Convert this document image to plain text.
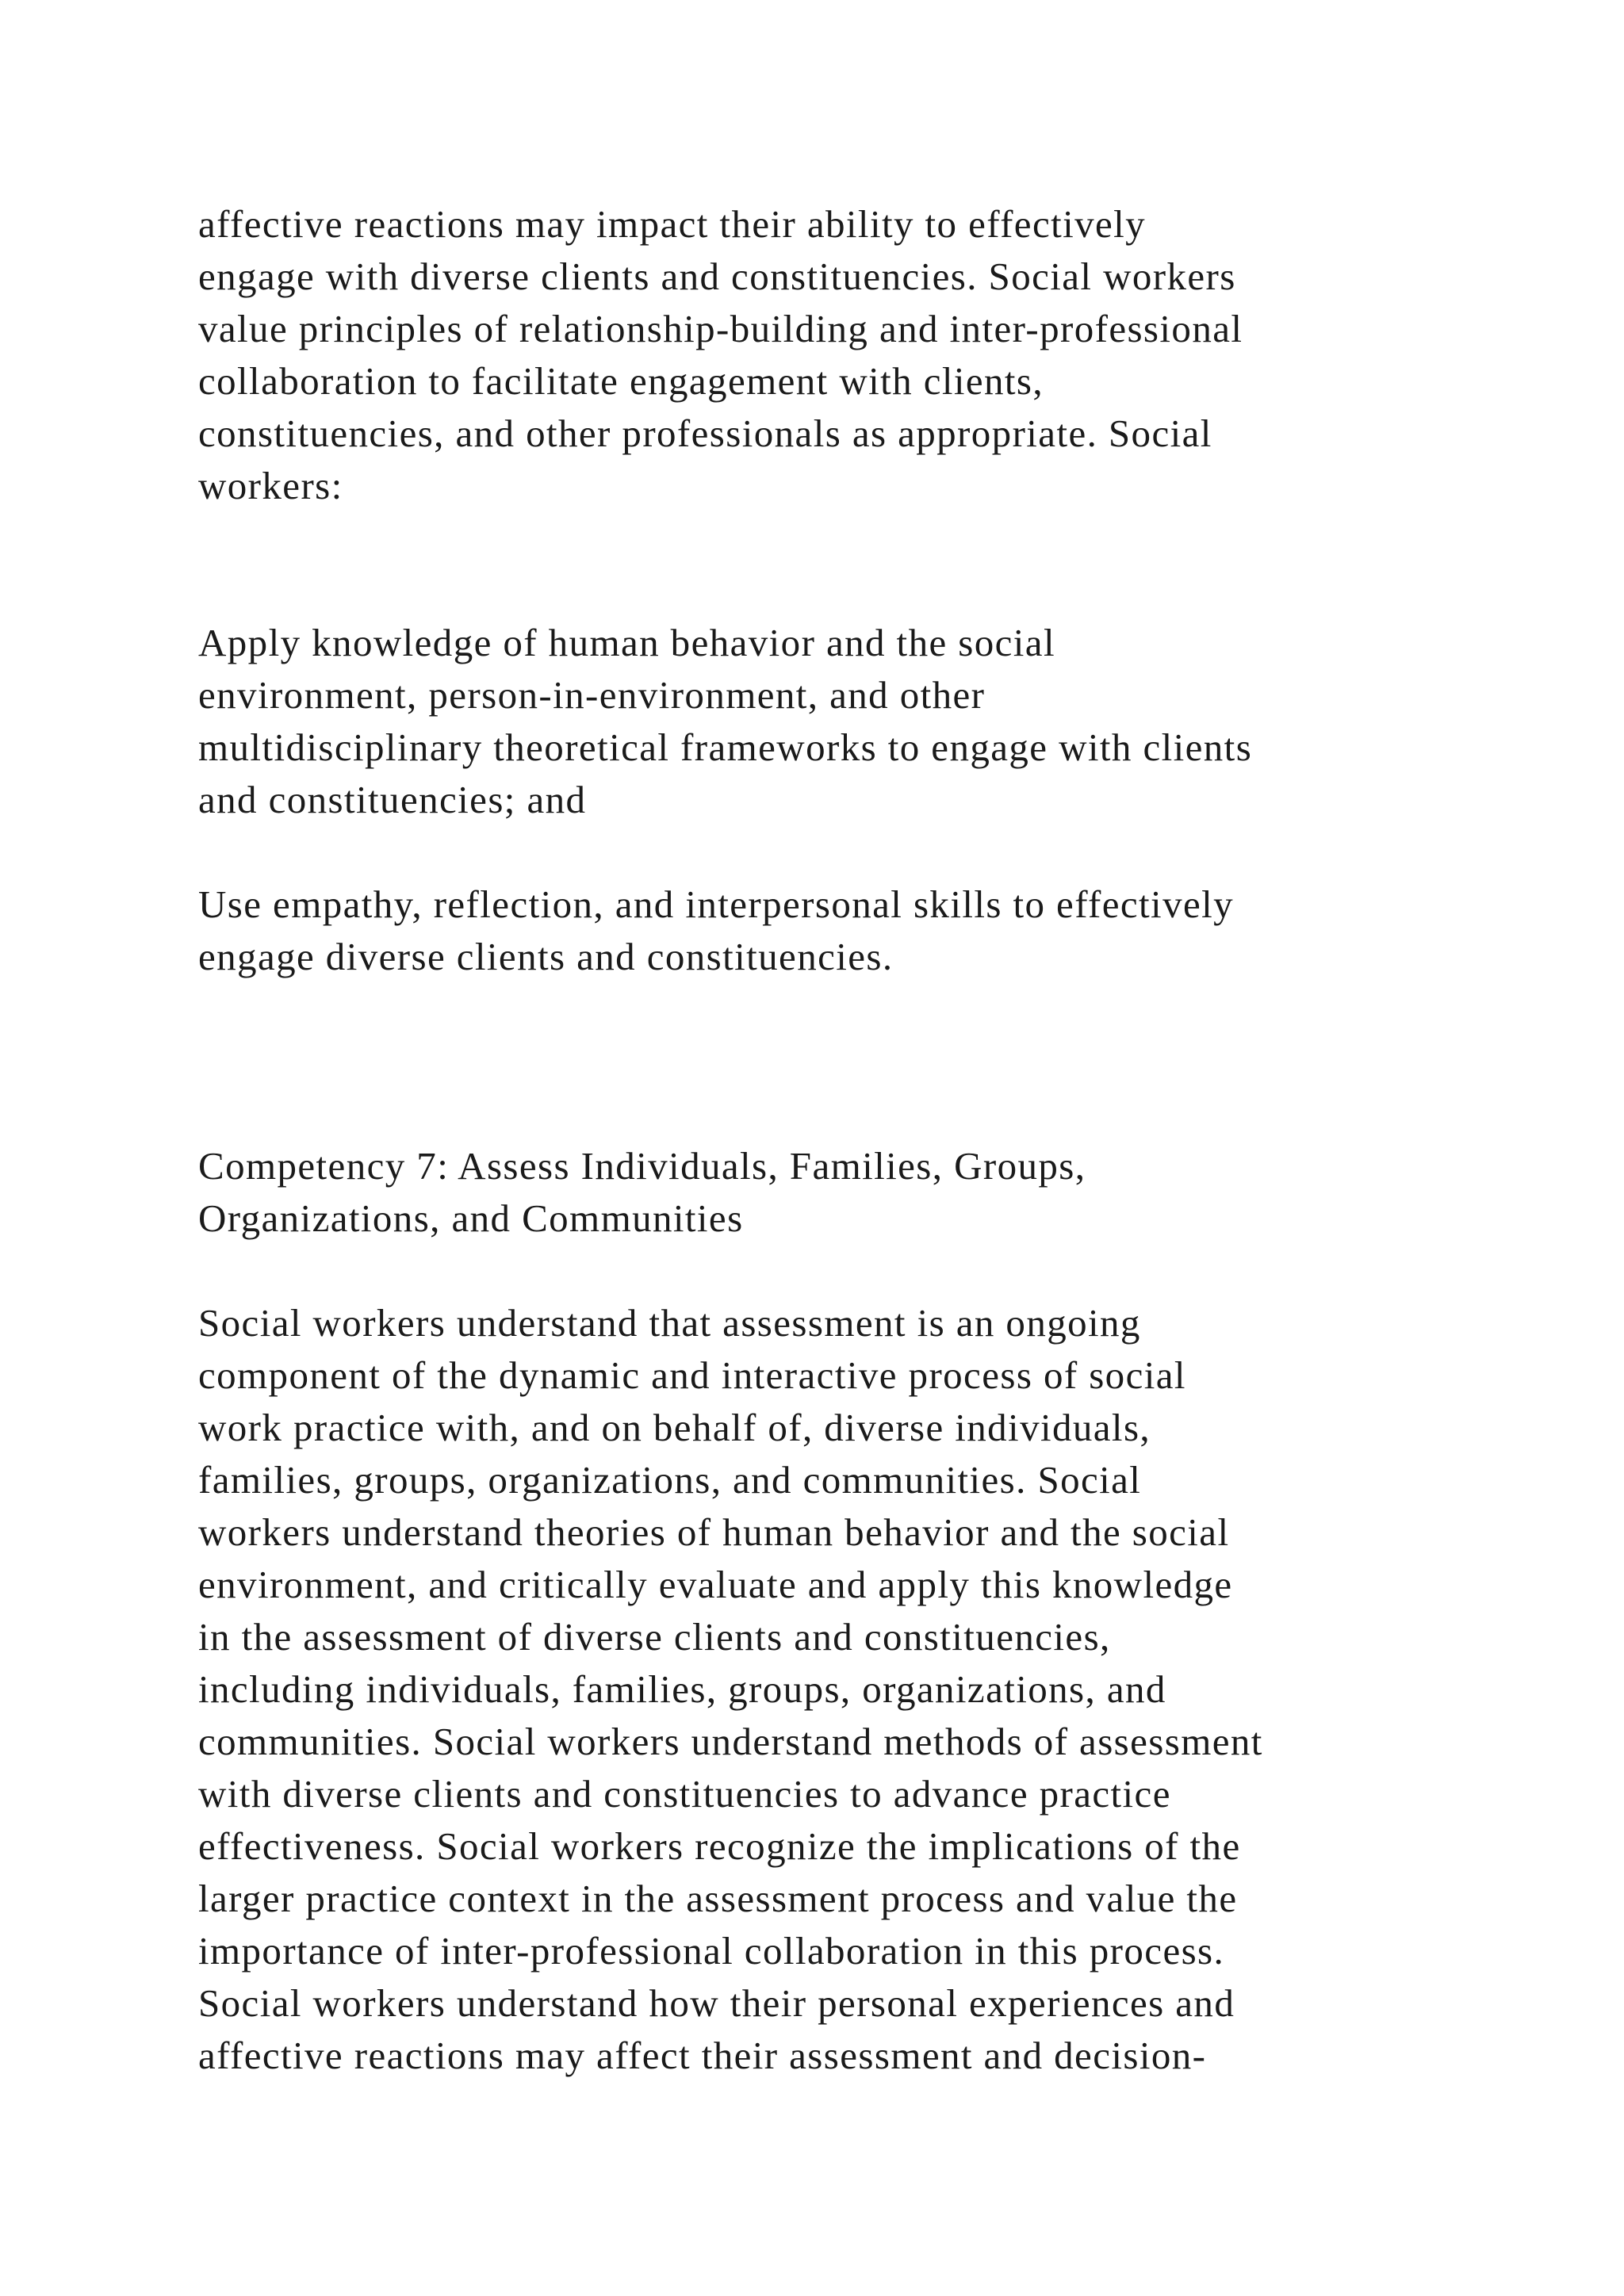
affective reactions may impact their ability to effectively
engage with diverse clients and constituencies. Social workers
value principles of relationship-building and inter-professional
collaboration to facilitate engagement with clients,
constituencies, and other professionals as appropriate. Social
workers:
Apply knowledge of human behavior and the social
environment, person-in-environment, and other
multidisciplinary theoretical frameworks to engage with clients
and constituencies; and
Use empathy, reflection, and interpersonal skills to effectively
engage diverse clients and constituencies.
Competency 7: Assess Individuals, Families, Groups,
Organizations, and Communities
Social workers understand that assessment is an ongoing
component of the dynamic and interactive process of social
work practice with, and on behalf of, diverse individuals,
families, groups, organizations, and communities. Social
workers understand theories of human behavior and the social
environment, and critically evaluate and apply this knowledge
in the assessment of diverse clients and constituencies,
including individuals, families, groups, organizations, and
communities. Social workers understand methods of assessment
with diverse clients and constituencies to advance practice
effectiveness. Social workers recognize the implications of the
larger practice context in the assessment process and value the
importance of inter-professional collaboration in this process.
Social workers understand how their personal experiences and
affective reactions may affect their assessment and decision-
